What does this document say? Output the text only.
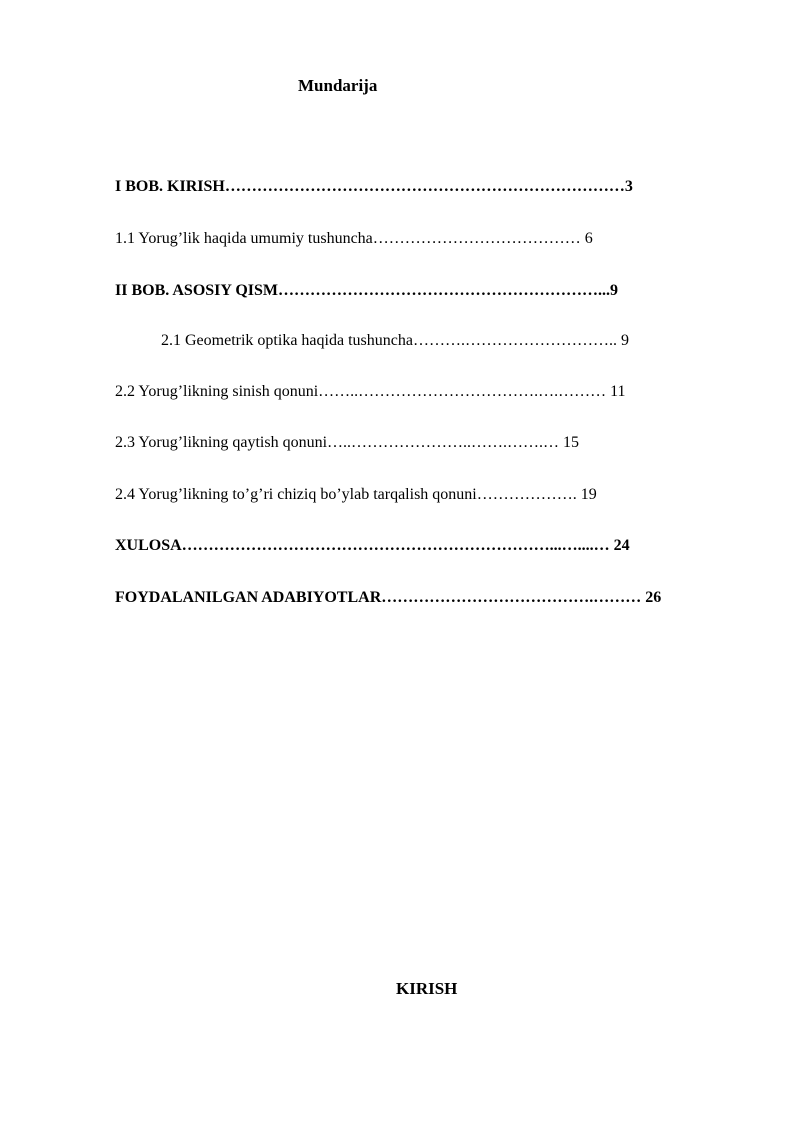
Mundarija
I BOB. KIRISH…………………………………………………………………3
1.1 Yorug’lik haqida umumiy tushuncha………………………………… 6
II BOB. ASOSIY QISM……………………………………………………...9
2.1 Geometrik optika haqida tushuncha……….……………………….. 9
2.2 Yorug’likning sinish qonuni……..…………………………….….……… 11
2.3 Yorug’likning qaytish qonuni…..…………………..…….…….… 15
2.4 Yorug’likning to’g’ri chiziq bo’ylab tarqalish qonuni………………. 19
XULOSA……………………………………………………………...…....… 24
FOYDALANILGAN ADABIYOTLAR………………………………….……… 26
KIRISH
